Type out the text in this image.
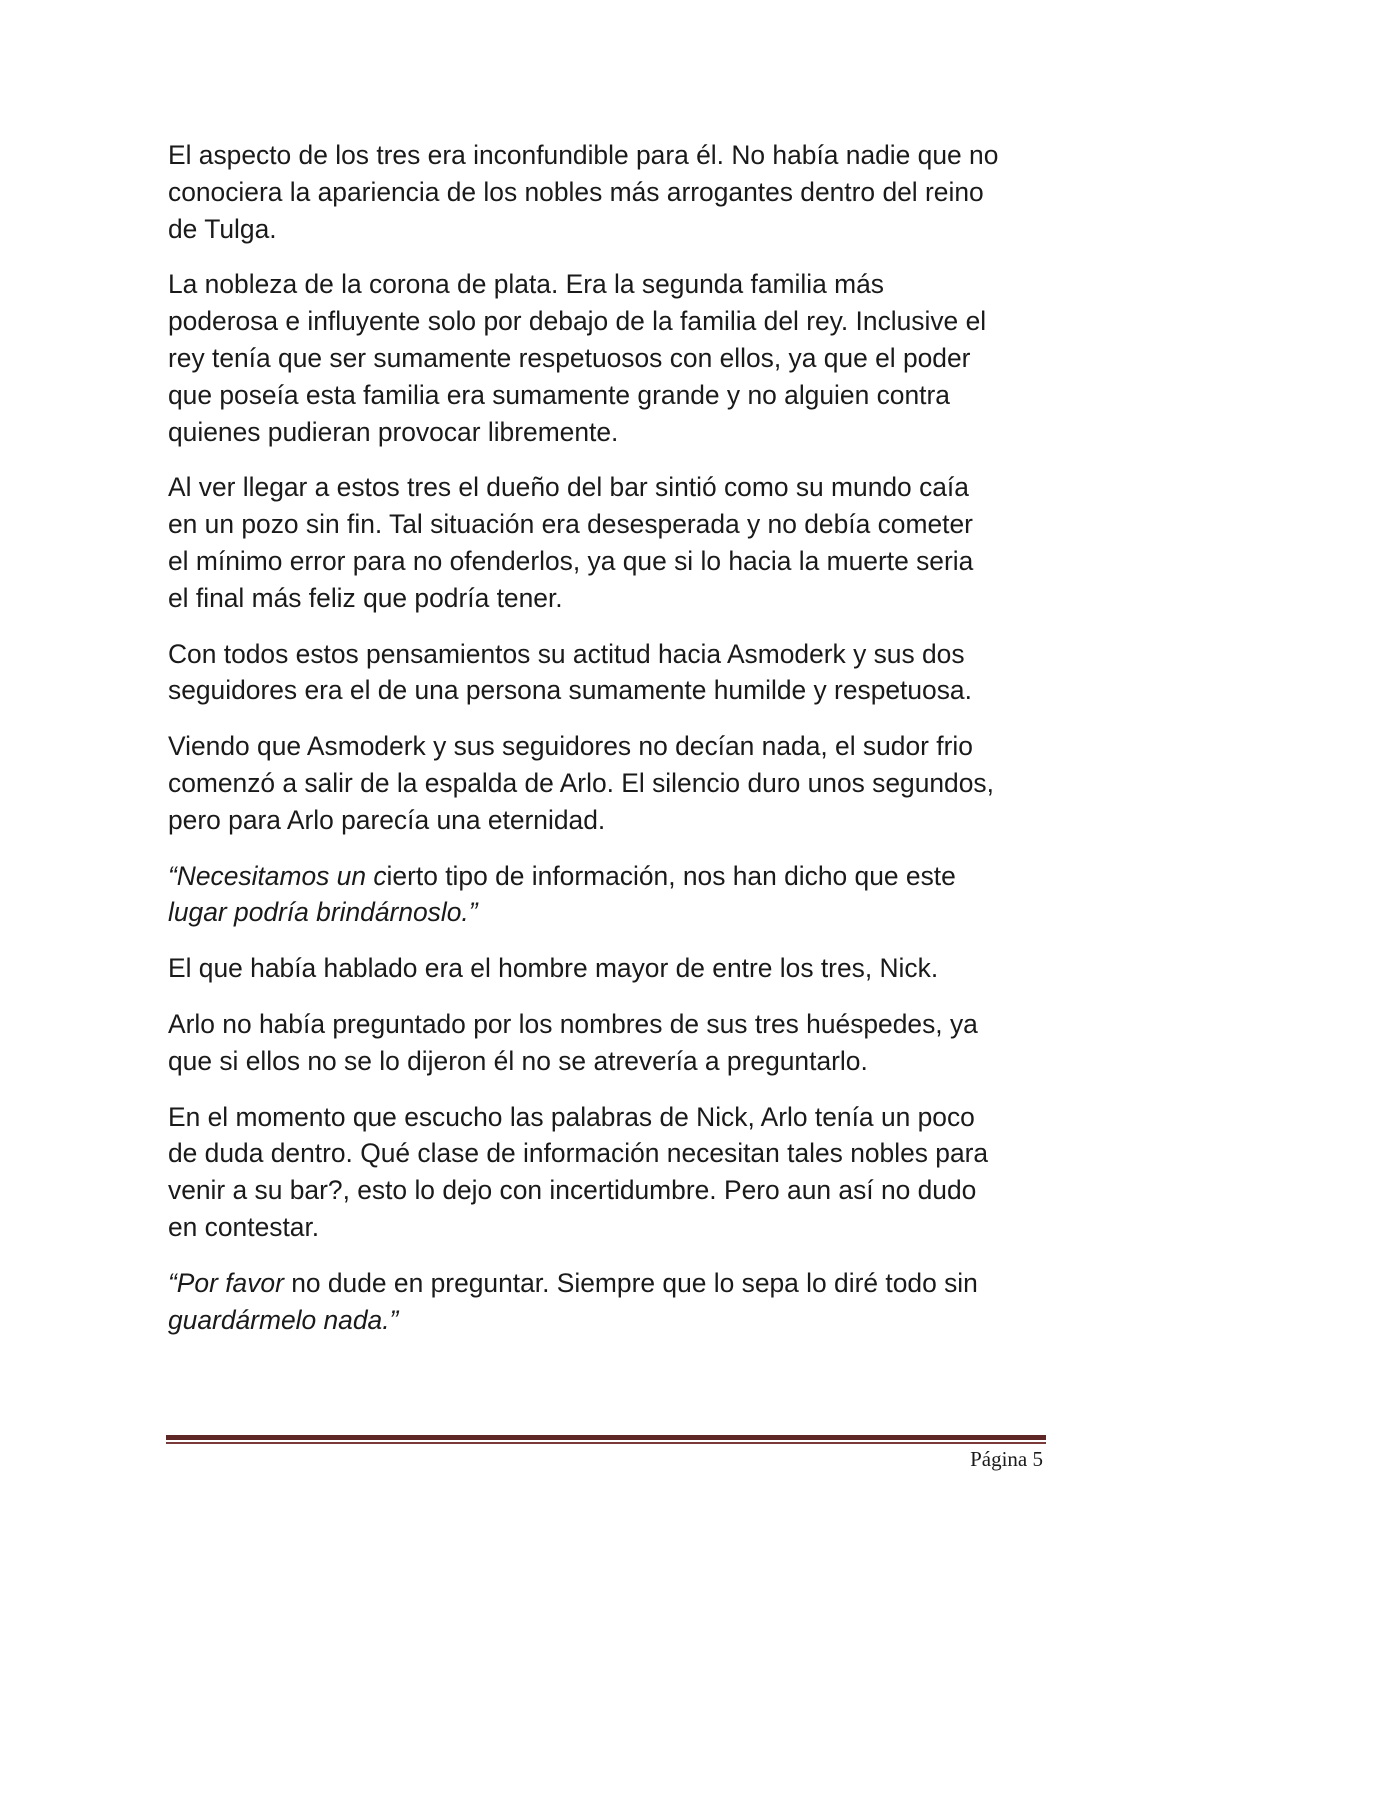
El aspecto de los tres era inconfundible para él. No había nadie que no
conociera la apariencia de los nobles más arrogantes dentro del reino
de Tulga.

La nobleza de la corona de plata. Era la segunda familia más
poderosa e influyente solo por debajo de la familia del rey. Inclusive el
rey tenía que ser sumamente respetuosos con ellos, ya que el poder
que poseía esta familia era sumamente grande y no alguien contra
quienes pudieran provocar libremente.

Al ver llegar a estos tres el dueño del bar sintió como su mundo caía
en un pozo sin fin. Tal situación era desesperada y no debía cometer
el mínimo error para no ofenderlos, ya que si lo hacia la muerte seria
el final más feliz que podría tener.

Con todos estos pensamientos su actitud hacia Asmoderk y sus dos
seguidores era el de una persona sumamente humilde y respetuosa.

Viendo que Asmoderk y sus seguidores no decían nada, el sudor frio
comenzó a salir de la espalda de Arlo. El silencio duro unos segundos,
pero para Arlo parecía una eternidad.

“Necesitamos un cierto tipo de información, nos han dicho que este
lugar podría brindárnoslo.”

El que había hablado era el hombre mayor de entre los tres, Nick.

Arlo no había preguntado por los nombres de sus tres huéspedes, ya
que si ellos no se lo dijeron él no se atrevería a preguntarlo.

En el momento que escucho las palabras de Nick, Arlo tenía un poco
de duda dentro. Qué clase de información necesitan tales nobles para
venir a su bar?, esto lo dejo con incertidumbre. Pero aun así no dudo
en contestar.

“Por favor no dude en preguntar. Siempre que lo sepa lo diré todo sin
guardármelo nada.”

Página 5
